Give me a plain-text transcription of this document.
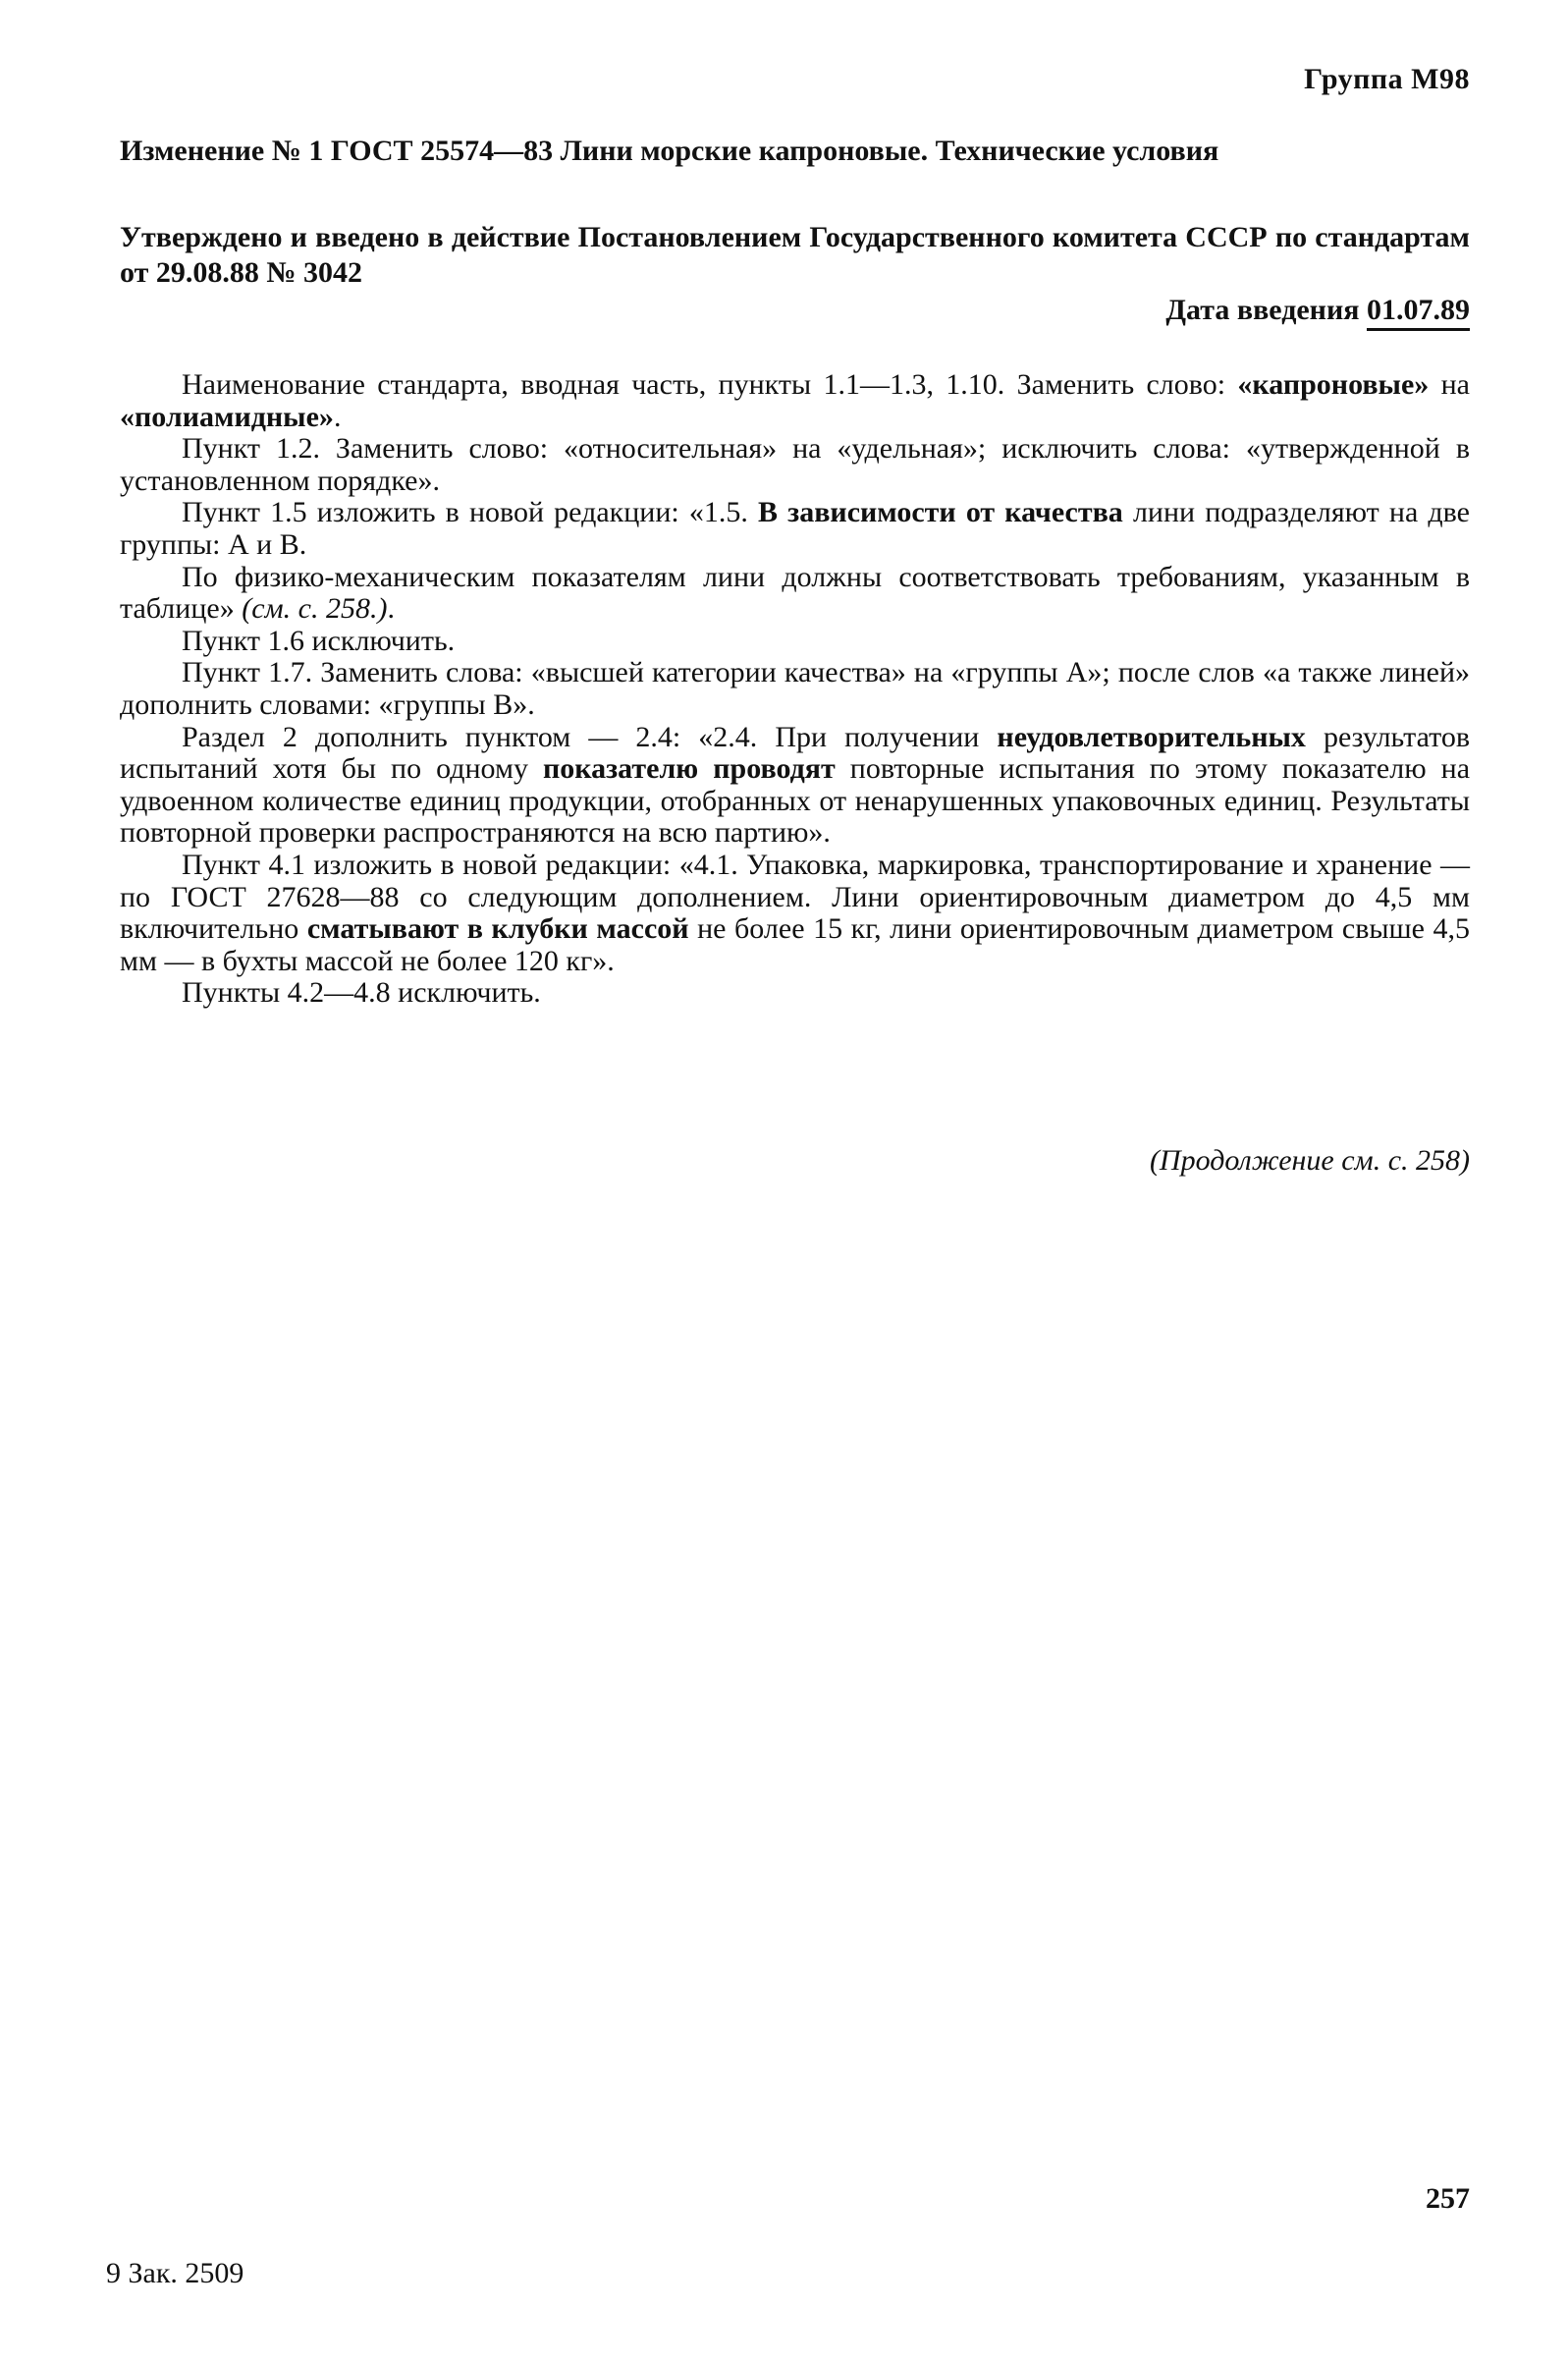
Группа М98
Изменение № 1 ГОСТ 25574—83 Лини морские капроновые. Технические условия
Утверждено и введено в действие Постановлением Государственного комитета СССР по стандартам от 29.08.88 № 3042
Дата введения 01.07.89

Наименование стандарта, вводная часть, пункты 1.1—1.3, 1.10. Заменить слово: «капроновые» на «полиамидные».

Пункт 1.2. Заменить слово: «относительная» на «удельная»; исключить слова: «утвержденной в установленном порядке».

Пункт 1.5 изложить в новой редакции: «1.5. В зависимости от качества лини подразделяют на две группы: А и В.

По физико-механическим показателям лини должны соответствовать требованиям, указанным в таблице» (см. с. 258.).

Пункт 1.6 исключить.

Пункт 1.7. Заменить слова: «высшей категории качества» на «группы А»; после слов «а также линей» дополнить словами: «группы В».

Раздел 2 дополнить пунктом — 2.4: «2.4. При получении неудовлетворительных результатов испытаний хотя бы по одному показателю проводят повторные испытания по этому показателю на удвоенном количестве единиц продукции, отобранных от ненарушенных упаковочных единиц. Результаты повторной проверки распространяются на всю партию».

Пункт 4.1 изложить в новой редакции: «4.1. Упаковка, маркировка, транспортирование и хранение — по ГОСТ 27628—88 со следующим дополнением. Лини ориентировочным диаметром до 4,5 мм включительно сматывают в клубки массой не более 15 кг, лини ориентировочным диаметром свыше 4,5 мм — в бухты массой не более 120 кг».

Пункты 4.2—4.8 исключить.

(Продолжение см. с. 258)
257
9 Зак. 2509
